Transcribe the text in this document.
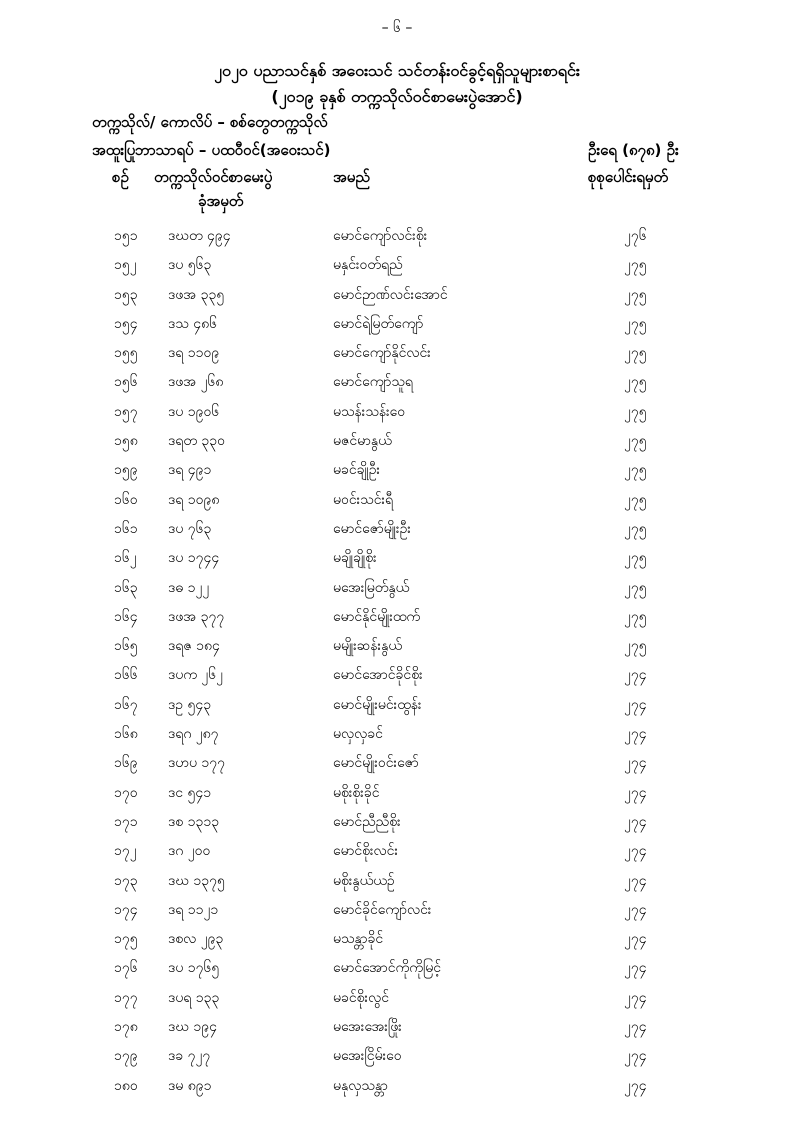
– ၆ –
၂၀၂၀ ပညာသင်နှစ် အဝေးသင် သင်တန်းဝင်ခွင့်ရရှိသူများစာရင်း
(၂၀၁၉ ခုနှစ် တက္ကသိုလ်ဝင်စာမေးပွဲအောင်)
တက္ကသိုလ်/ ကောလိပ် – စစ်တွေတက္ကသိုလ်
အထူးပြုဘာသာရပ် – ပထဝီဝင်(အဝေးသင်)	ဦးရေ (၈၇၈) ဦး
စဉ် တက္ကသိုလ်ဝင်စာမေးပွဲ
ခုံအမှတ်
အမည်	စုစုပေါင်းရမှတ်
၁၅၁ ဒဃတ ၄၉၄	မောင်ကျော်လင်းစိုး	၂၇၆
၁၅၂ ဒပ ၅၆၃	မနှင်းဝတ်ရည်	၂၇၅
၁၅၃ ဒဖအ ၃၃၅	မောင်ဉာဏ်လင်းအောင်	၂၇၅
၁၅၄ ဒသ ၄၈၆	မောင်ရဲမြတ်ကျော်	၂၇၅
၁၅၅ ဒရ ၁၁၀၉	မောင်ကျော်နိုင်လင်း	၂၇၅
၁၅၆ ဒဖအ ၂၆၈	မောင်ကျော်သူရ	၂၇၅
၁၅၇ ဒပ ၁၉၀၆	မသန်းသန်းဝေ	၂၇၅
၁၅၈ ဒရတ ၃၃၀	မဇင်မာနွယ်	၂၇၅
၁၅၉ ဒရ ၄၉၁	မခင်ချိုဦး	၂၇၅
၁၆၀ ဒရ ၁၀၉၈	မဝင်းသင်းရီ	၂၇၅
၁၆၁ ဒပ ၇၆၃	မောင်ဇော်မျိုးဦး	၂၇၅
၁၆၂ ဒပ ၁၇၄၄	မချိုချိုစိုး	၂၇၅
၁၆၃ ဒဓ ၁၂၂	မအေးမြတ်နွယ်	၂၇၅
၁၆၄ ဒဖအ ၃၇၇	မောင်နိုင်မျိုးထက်	၂၇၅
၁၆၅ ဒရဇ ၁၈၄	မမျိုးဆန်းနွယ်	၂၇၅
၁၆၆ ဒပက ၂၆၂	မောင်အောင်ခိုင်စိုး	၂၇၄
၁၆၇ ဒဥ ၅၄၃	မောင်မျိုးမင်းထွန်း	၂၇၄
၁၆၈ ဒရဂ ၂၈၇	မလှလှခင်	၂၇၄
၁၆၉ ဒဟပ ၁၇၇	မောင်မျိုးဝင်းဇော်	၂၇၄
၁၇၀ ဒင ၅၄၁	မစိုးစိုးခိုင်	၂၇၄
၁၇၁ ဒစ ၁၃၁၃	မောင်ညီညီစိုး	၂၇၄
၁၇၂ ဒဂ ၂၀၀	မောင်စိုးလင်း	၂၇၄
၁၇၃ ဒဃ ၁၃၇၅	မစိုးနွယ်ယဉ်	၂၇၄
၁၇၄ ဒရ ၁၁၂၁	မောင်ခိုင်ကျော်လင်း	၂၇၄
၁၇၅ ဒစလ ၂၉၃	မသန္တာခိုင်	၂၇၄
၁၇၆ ဒပ ၁၇၆၅	မောင်အောင်ကိုကိုမြင့်	၂၇၄
၁၇၇ ဒပရ ၁၃၃	မခင်စိုးလွင်	၂၇၄
၁၇၈ ဒဃ ၁၉၄	မအေးအေးဖြိုး	၂၇၄
၁၇၉ ဒခ ၇၂၇	မအေးငြိမ်းဝေ	၂၇၄
၁၈၀ ဒမ ၈၉၁	မနုလှသန္တာ	၂၇၄
